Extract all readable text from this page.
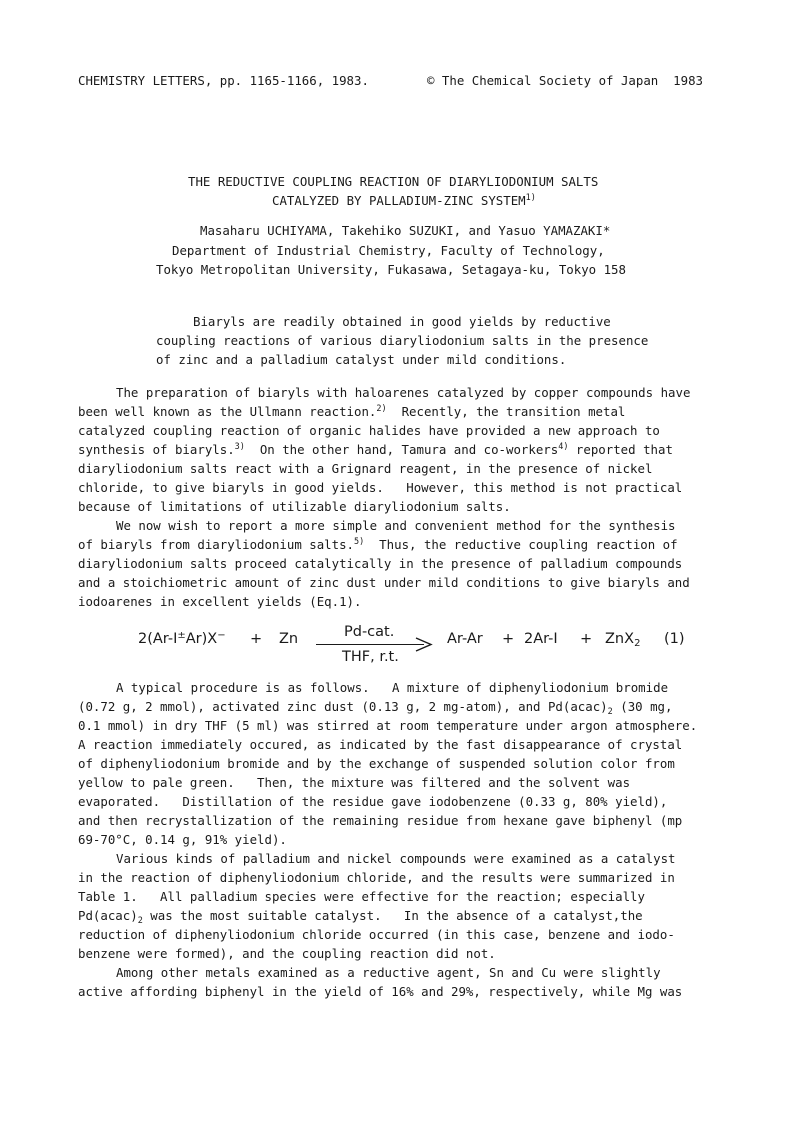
CHEMISTRY LETTERS, pp. 1165-1166, 1983.	© The Chemical Society of Japan  1983
THE REDUCTIVE COUPLING REACTION OF DIARYLIODONIUM SALTS
CATALYZED BY PALLADIUM-ZINC SYSTEM$^{1)}$
Masaharu UCHIYAMA, Takehiko SUZUKI, and Yasuo YAMAZAKI*
Department of Industrial Chemistry, Faculty of Technology,
Tokyo Metropolitan University, Fukasawa, Setagaya-ku, Tokyo 158
Biaryls are readily obtained in good yields by reductive
coupling reactions of various diaryliodonium salts in the presence
of zinc and a palladium catalyst under mild conditions.
The preparation of biaryls with haloarenes catalyzed by copper compounds have
been well known as the Ullmann reaction.$^{2)}$  Recently, the transition metal
catalyzed coupling reaction of organic halides have provided a new approach to
synthesis of biaryls.$^{3)}$  On the other hand, Tamura and co-workers$^{4)}$ reported that
diaryliodonium salts react with a Grignard reagent, in the presence of nickel
chloride, to give biaryls in good yields.   However, this method is not practical
because of limitations of utilizable diaryliodonium salts.
We now wish to report a more simple and convenient method for the synthesis
of biaryls from diaryliodonium salts.$^{5)}$  Thus, the reductive coupling reaction of
diaryliodonium salts proceed catalytically in the presence of palladium compounds
and a stoichiometric amount of zinc dust under mild conditions to give biaryls and
iodoarenes in excellent yields (Eq.1).
2(Ar-I±Ar)X− + Zn	Pd-cat.
THF, r.t.
Ar-Ar + 2Ar-I + ZnX$_2$ (1)
A typical procedure is as follows.   A mixture of diphenyliodonium bromide
(0.72 g, 2 mmol), activated zinc dust (0.13 g, 2 mg-atom), and $Pd(acac)_2$ (30 mg,
0.1 mmol) in dry THF (5 ml) was stirred at room temperature under argon atmosphere.
A reaction immediately occured, as indicated by the fast disappearance of crystal
of diphenyliodonium bromide and by the exchange of suspended solution color from
yellow to pale green.   Then, the mixture was filtered and the solvent was
evaporated.   Distillation of the residue gave iodobenzene (0.33 g, 80% yield),
and then recrystallization of the remaining residue from hexane gave biphenyl (mp
69-70°C, 0.14 g, 91% yield).
Various kinds of palladium and nickel compounds were examined as a catalyst
in the reaction of diphenyliodonium chloride, and the results were summarized in
Table 1.   All palladium species were effective for the reaction; especially
$Pd(acac)_2$ was the most suitable catalyst.   In the absence of a catalyst,the
reduction of diphenyliodonium chloride occurred (in this case, benzene and iodo-
benzene were formed), and the coupling reaction did not.
Among other metals examined as a reductive agent, Sn and Cu were slightly
active affording biphenyl in the yield of 16% and 29%, respectively, while Mg was
